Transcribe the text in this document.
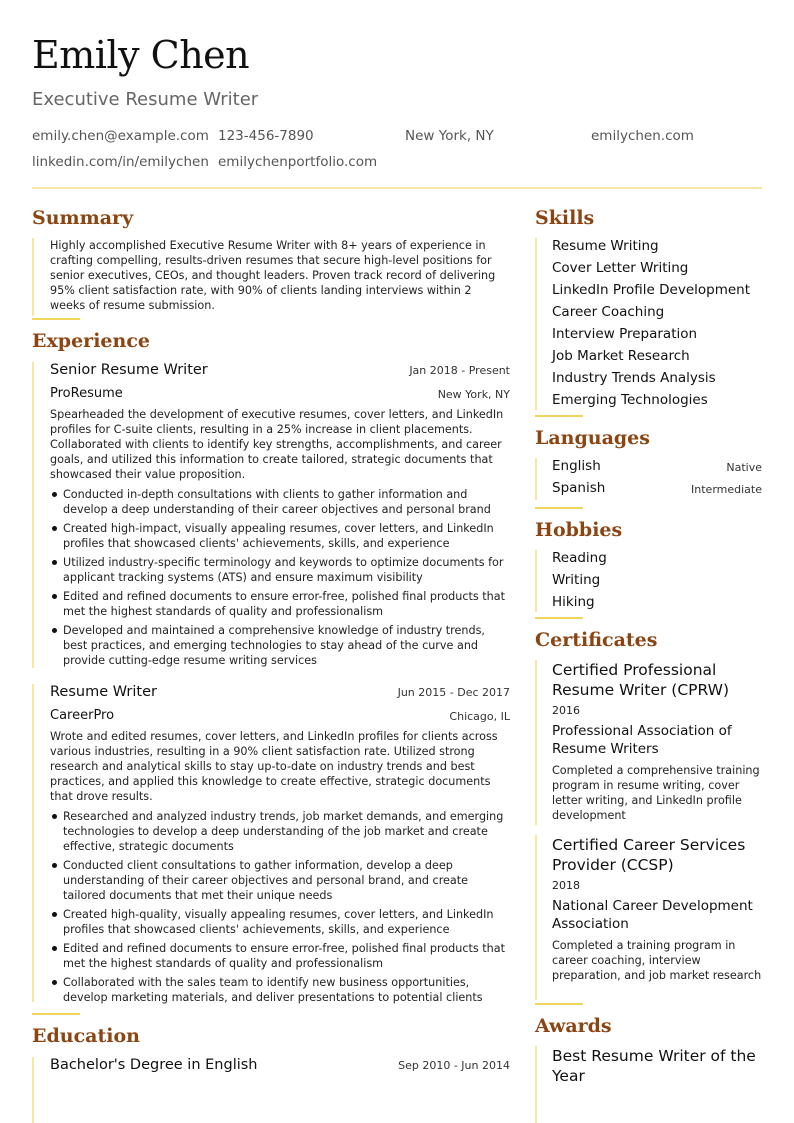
Emily Chen
Executive Resume Writer
emily.chen@example.com 123-456-7890	New York, NY	emilychen.com
linkedin.com/in/emilychen emilychenportfolio.com
Summary
Highly accomplished Executive Resume Writer with 8+ years of experience in crafting compelling, results-driven resumes that secure high-level positions for senior executives, CEOs, and thought leaders. Proven track record of delivering 95% client satisfaction rate, with 90% of clients landing interviews within 2 weeks of resume submission.
Experience
Senior Resume Writer	Jan 2018 - Present
ProResume	New York, NY
Spearheaded the development of executive resumes, cover letters, and LinkedIn profiles for C-suite clients, resulting in a 25% increase in client placements. Collaborated with clients to identify key strengths, accomplishments, and career goals, and utilized this information to create tailored, strategic documents that showcased their value proposition.
Conducted in-depth consultations with clients to gather information and develop a deep understanding of their career objectives and personal brand
Created high-impact, visually appealing resumes, cover letters, and LinkedIn profiles that showcased clients' achievements, skills, and experience
Utilized industry-specific terminology and keywords to optimize documents for applicant tracking systems (ATS) and ensure maximum visibility
Edited and refined documents to ensure error-free, polished final products that met the highest standards of quality and professionalism
Developed and maintained a comprehensive knowledge of industry trends, best practices, and emerging technologies to stay ahead of the curve and provide cutting-edge resume writing services
Resume Writer	Jun 2015 - Dec 2017
CareerPro	Chicago, IL
Wrote and edited resumes, cover letters, and LinkedIn profiles for clients across various industries, resulting in a 90% client satisfaction rate. Utilized strong research and analytical skills to stay up-to-date on industry trends and best practices, and applied this knowledge to create effective, strategic documents that drove results.
Researched and analyzed industry trends, job market demands, and emerging technologies to develop a deep understanding of the job market and create effective, strategic documents
Conducted client consultations to gather information, develop a deep understanding of their career objectives and personal brand, and create tailored documents that met their unique needs
Created high-quality, visually appealing resumes, cover letters, and LinkedIn profiles that showcased clients' achievements, skills, and experience
Edited and refined documents to ensure error-free, polished final products that met the highest standards of quality and professionalism
Collaborated with the sales team to identify new business opportunities, develop marketing materials, and deliver presentations to potential clients
Education
Bachelor's Degree in English	Sep 2010 - Jun 2014
Skills
Resume Writing
Cover Letter Writing
LinkedIn Profile Development
Career Coaching
Interview Preparation
Job Market Research
Industry Trends Analysis
Emerging Technologies
Languages
English	Native
Spanish	Intermediate
Hobbies
Reading
Writing
Hiking
Certificates
Certified Professional Resume Writer (CPRW)
2016
Professional Association of Resume Writers
Completed a comprehensive training program in resume writing, cover letter writing, and LinkedIn profile development
Certified Career Services Provider (CCSP)
2018
National Career Development Association
Completed a training program in career coaching, interview preparation, and job market research
Awards
Best Resume Writer of the Year
